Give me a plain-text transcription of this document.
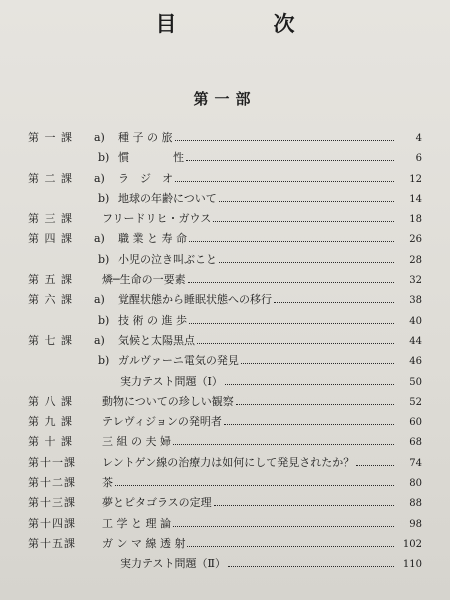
目　次
第一部
第 一 課	a)	種 子 の 旅	4
b) 慣　　　　性	6
第 二 課	a)	ラ　ジ　オ	12
b) 地球の年齢について	14
第 三 課	フリードリヒ・ガウス	18
第 四 課	a)	職 業 と 寿 命	26
b) 小児の泣き叫ぶこと	28
第 五 課	燐─生命の一要素	32
第 六 課	a)	覚醒状態から睡眠状態への移行	38
b) 技 術 の 進 歩	40
第 七 課	a)	気候と太陽黒点	44
b) ガルヴァーニ電気の発見	46
実力テスト問題（Ⅰ）	50
第 八 課	動物についての珍しい観察	52
第 九 課	テレヴィジョンの発明者	60
第 十 課	三 組 の 夫 婦	68
第十一課	レントゲン線の治療力は如何にして発見されたか？	74
第十二課	茶	80
第十三課	夢とピタゴラスの定理	88
第十四課	工 学 と 理 論	98
第十五課	ガ ン マ 線 透 射	102
実力テスト問題（Ⅱ）	110
